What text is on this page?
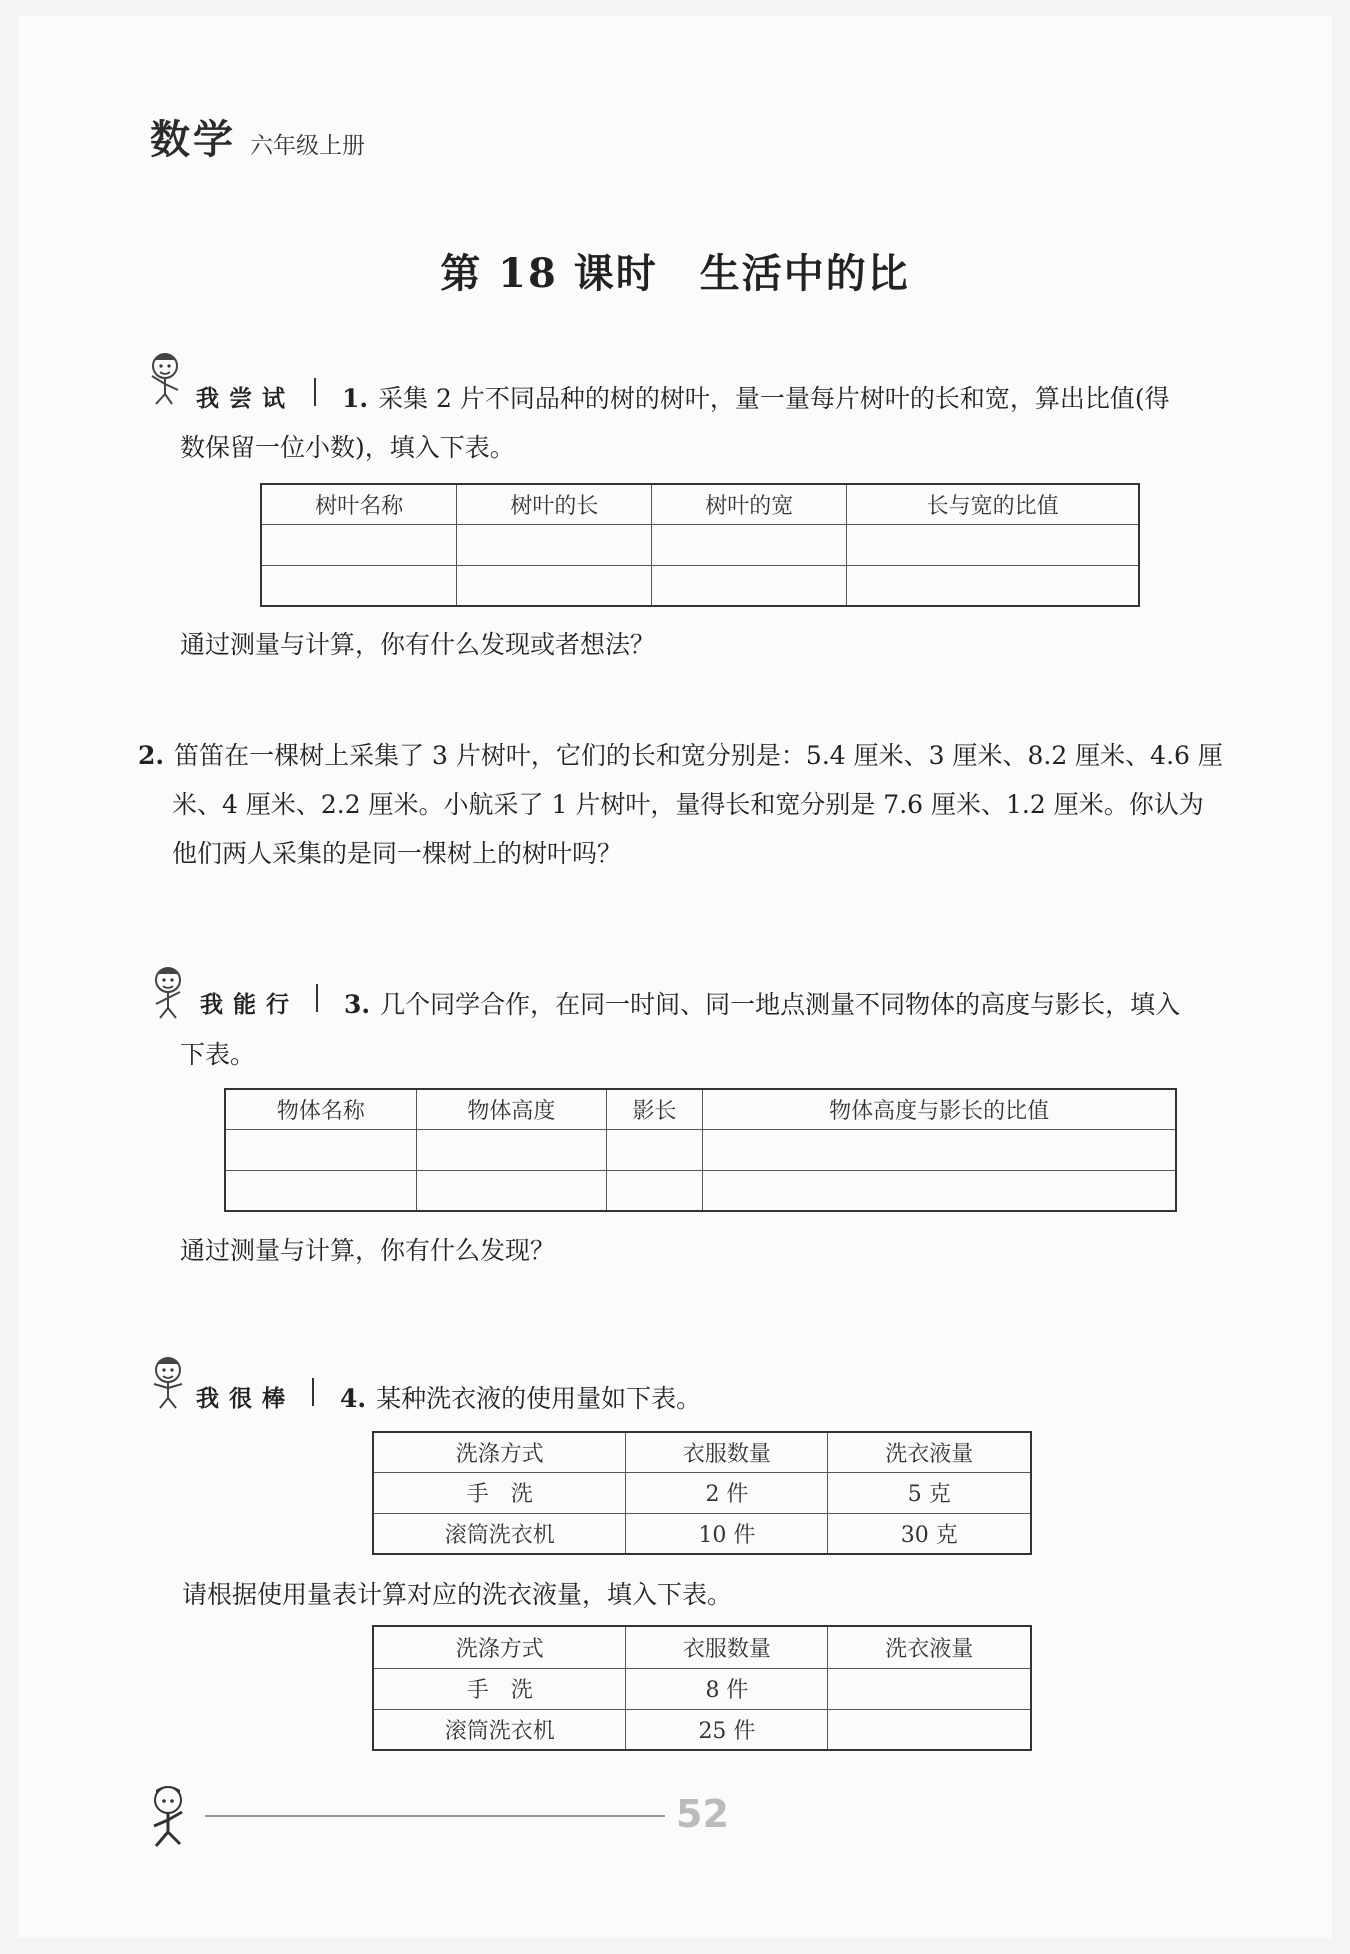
数学 六年级上册
第 18 课时　生活中的比
我尝试 1. 采集 2 片不同品种的树的树叶，量一量每片树叶的长和宽，算出比值(得
数保留一位小数)，填入下表。
树叶名称	树叶的长	树叶的宽	长与宽的比值

通过测量与计算，你有什么发现或者想法？
2. 笛笛在一棵树上采集了 3 片树叶，它们的长和宽分别是：5.4 厘米、3 厘米、8.2 厘米、4.6 厘
米、4 厘米、2.2 厘米。小航采了 1 片树叶，量得长和宽分别是 7.6 厘米、1.2 厘米。你认为
他们两人采集的是同一棵树上的树叶吗？
我能行 3. 几个同学合作，在同一时间、同一地点测量不同物体的高度与影长，填入
下表。
物体名称	物体高度	影长	物体高度与影长的比值

通过测量与计算，你有什么发现？
我很棒 4. 某种洗衣液的使用量如下表。
洗涤方式	衣服数量	洗衣液量
手　洗	2 件	5 克
滚筒洗衣机	10 件	30 克
请根据使用量表计算对应的洗衣液量，填入下表。
洗涤方式	衣服数量	洗衣液量
手　洗	8 件	
滚筒洗衣机	25 件	
52
